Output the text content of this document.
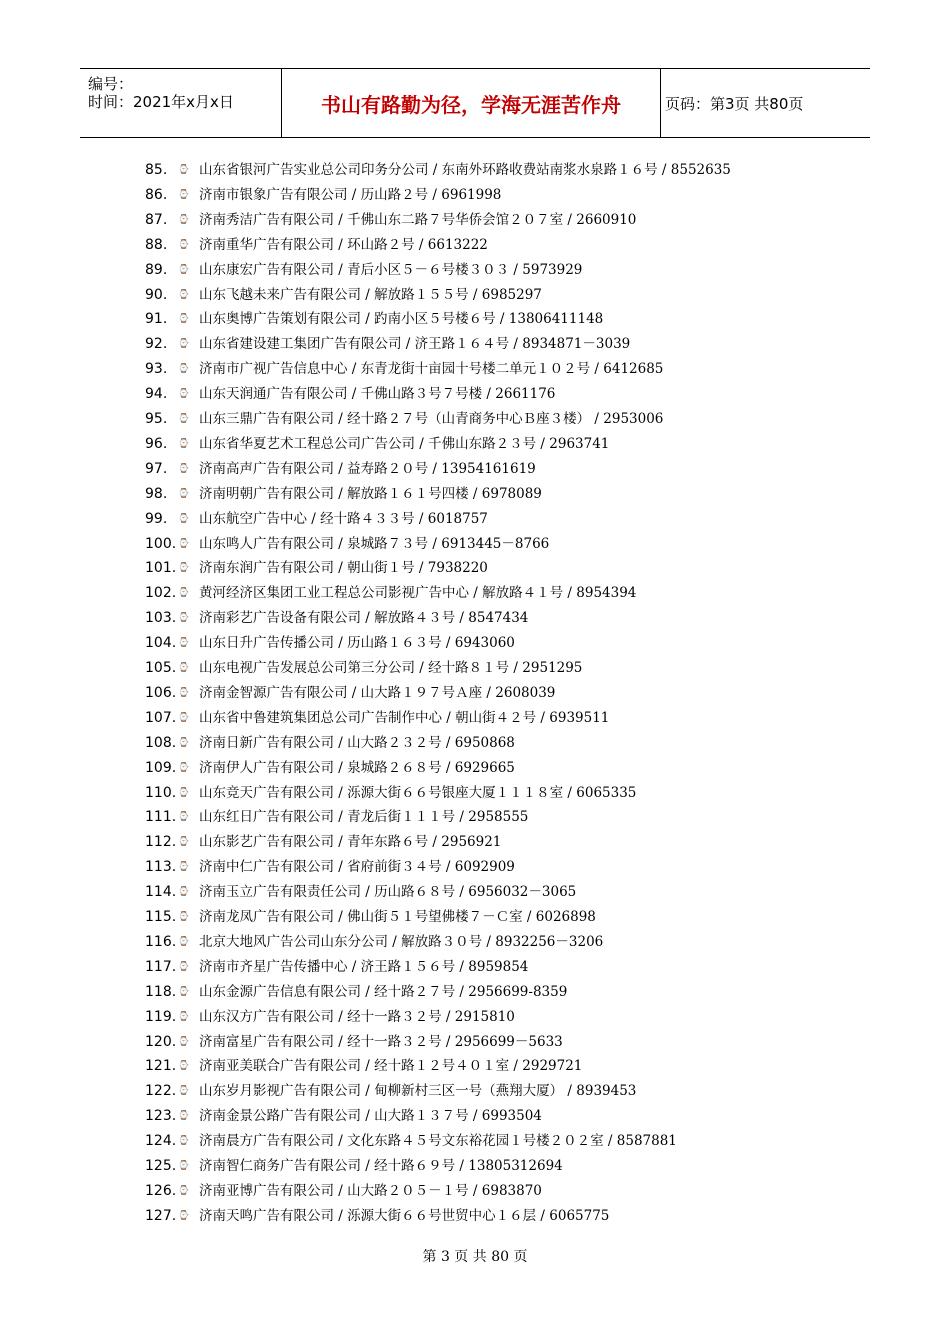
编号：
时间：2021年x月x日	书山有路勤为径，学海无涯苦作舟	页码：第3页 共80页
85.	⌚ 山东省银河广告实业总公司印务分公司 / 东南外环路收费站南浆水泉路１６号 / 8552635
86.	⌚ 济南市银象广告有限公司 / 历山路２号 / 6961998
87.	⌚ 济南秀洁广告有限公司 / 千佛山东二路７号华侨会馆２０７室 / 2660910
88.	⌚ 济南重华广告有限公司 / 环山路２号 / 6613222
89.	⌚ 山东康宏广告有限公司 / 青后小区５－６号楼３０３ / 5973929
90.	⌚ 山东飞越未来广告有限公司 / 解放路１５５号 / 6985297
91.	⌚ 山东奥博广告策划有限公司 / 趵南小区５号楼６号 / 13806411148
92.	⌚ 山东省建设建工集团广告有限公司 / 济王路１６４号 / 8934871－3039
93.	⌚ 济南市广视广告信息中心 / 东青龙街十亩园十号楼二单元１０２号 / 6412685
94.	⌚ 山东天润通广告有限公司 / 千佛山路３号７号楼 / 2661176
95.	⌚ 山东三鼎广告有限公司 / 经十路２７号（山青商务中心Ｂ座３楼） / 2953006
96.	⌚ 山东省华夏艺术工程总公司广告公司 / 千佛山东路２３号 / 2963741
97.	⌚ 济南高声广告有限公司 / 益寿路２０号 / 13954161619
98.	⌚ 济南明朝广告有限公司 / 解放路１６１号四楼 / 6978089
99.	⌚ 山东航空广告中心 / 经十路４３３号 / 6018757
100. ⌚ 山东鸣人广告有限公司 / 泉城路７３号 / 6913445－8766
101. ⌚ 济南东润广告有限公司 / 朝山街１号 / 7938220
102. ⌚ 黄河经济区集团工业工程总公司影视广告中心 / 解放路４１号 / 8954394
103. ⌚ 济南彩艺广告设备有限公司 / 解放路４３号 / 8547434
104. ⌚ 山东日升广告传播公司 / 历山路１６３号 / 6943060
105. ⌚ 山东电视广告发展总公司第三分公司 / 经十路８１号 / 2951295
106. ⌚ 济南金智源广告有限公司 / 山大路１９７号Ａ座 / 2608039
107. ⌚ 山东省中鲁建筑集团总公司广告制作中心 / 朝山街４２号 / 6939511
108. ⌚ 济南日新广告有限公司 / 山大路２３２号 / 6950868
109. ⌚ 济南伊人广告有限公司 / 泉城路２６８号 / 6929665
110. ⌚ 山东竞天广告有限公司 / 泺源大街６６号银座大厦１１１８室 / 6065335
111. ⌚ 山东红日广告有限公司 / 青龙后街１１１号 / 2958555
112. ⌚ 山东影艺广告有限公司 / 青年东路６号 / 2956921
113. ⌚ 济南中仁广告有限公司 / 省府前街３４号 / 6092909
114. ⌚ 济南玉立广告有限责任公司 / 历山路６８号 / 6956032－3065
115. ⌚ 济南龙凤广告有限公司 / 佛山街５１号望佛楼７－Ｃ室 / 6026898
116. ⌚ 北京大地风广告公司山东分公司 / 解放路３０号 / 8932256－3206
117. ⌚ 济南市齐星广告传播中心 / 济王路１５６号 / 8959854
118. ⌚ 山东金源广告信息有限公司 / 经十路２７号 / 2956699-8359
119. ⌚ 山东汉方广告有限公司 / 经十一路３２号 / 2915810
120. ⌚ 济南富星广告有限公司 / 经十一路３２号 / 2956699－5633
121. ⌚ 济南亚美联合广告有限公司 / 经十路１２号４０１室 / 2929721
122. ⌚ 山东岁月影视广告有限公司 / 甸柳新村三区一号（燕翔大厦） / 8939453
123. ⌚ 济南金景公路广告有限公司 / 山大路１３７号 / 6993504
124. ⌚ 济南晨方广告有限公司 / 文化东路４５号文东裕花园１号楼２０２室 / 8587881
125. ⌚ 济南智仁商务广告有限公司 / 经十路６９号 / 13805312694
126. ⌚ 济南亚博广告有限公司 / 山大路２０５－１号 / 6983870
127. ⌚ 济南天鸣广告有限公司 / 泺源大街６６号世贸中心１６层 / 6065775
第 3 页 共 80 页
